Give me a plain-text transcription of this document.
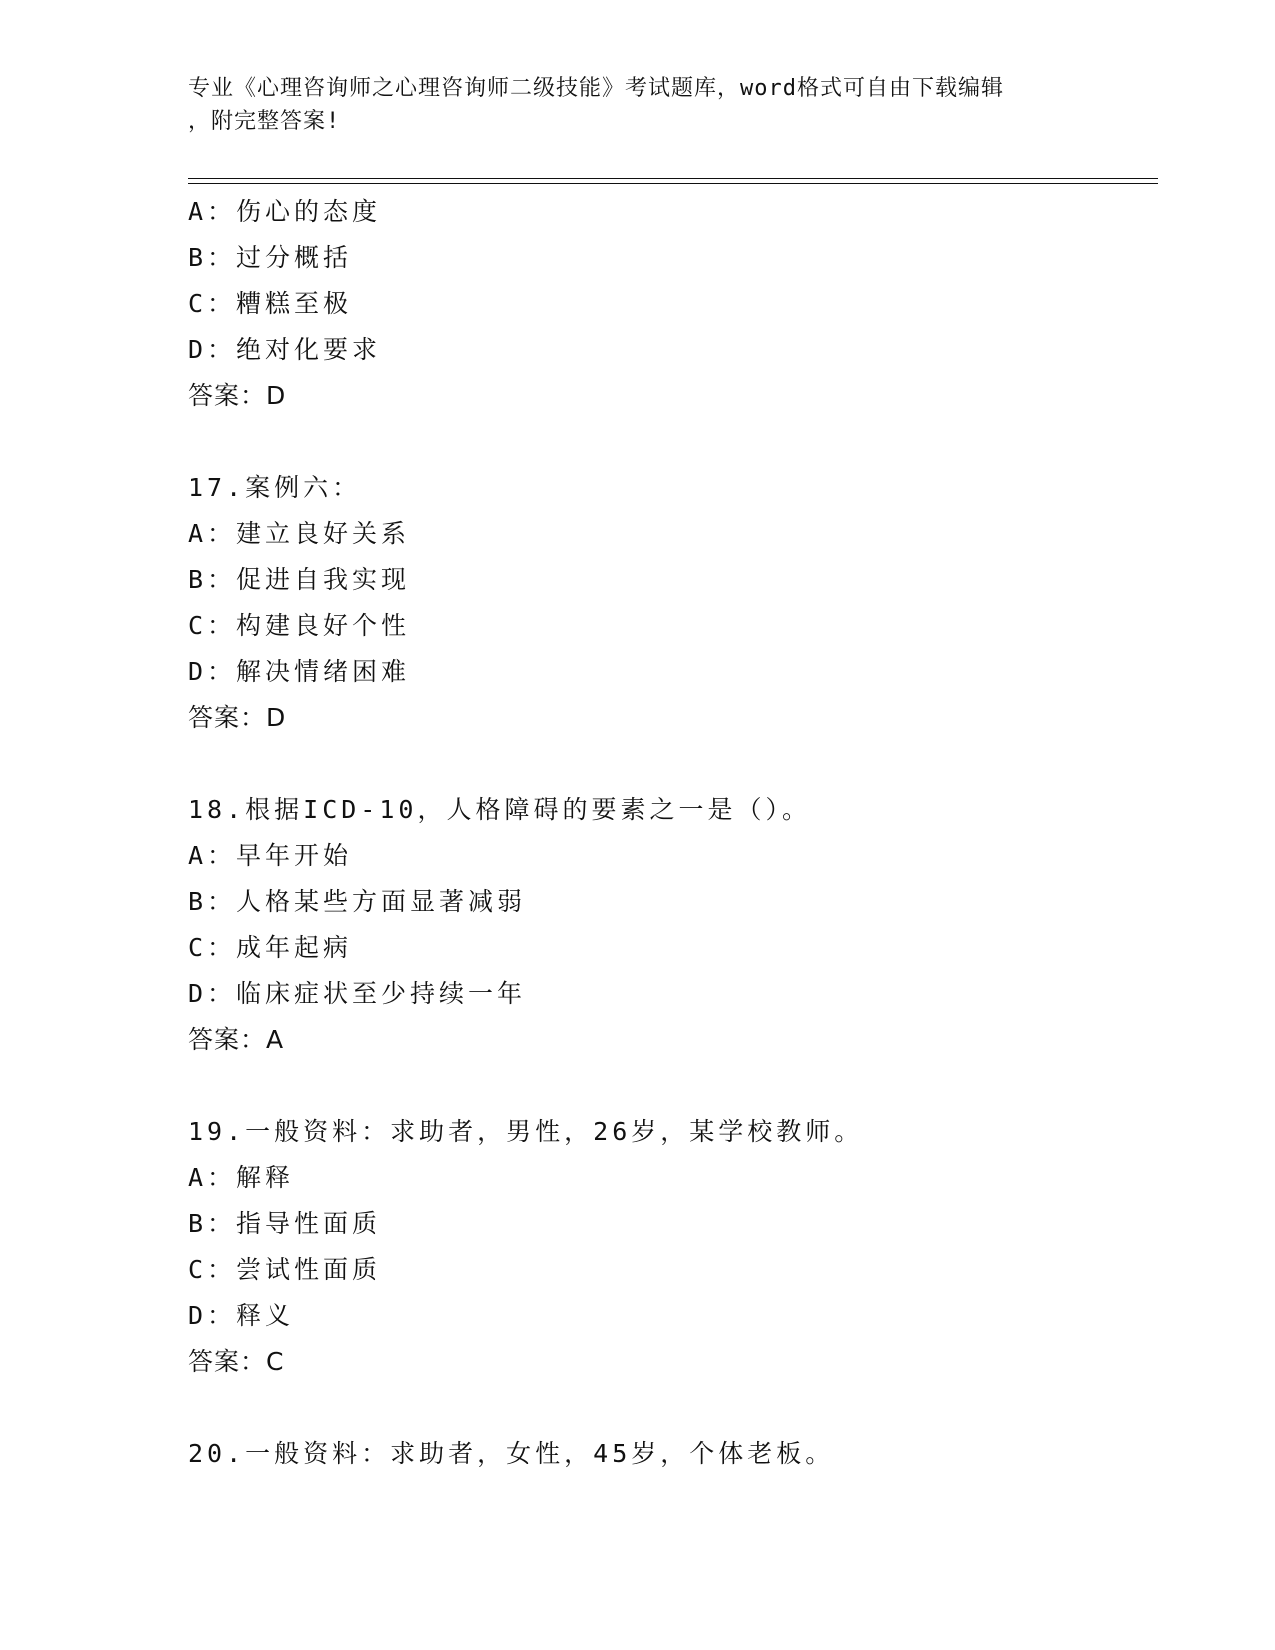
专业《心理咨询师之心理咨询师二级技能》考试题库，word格式可自由下载编辑
，附完整答案!
A：伤心的态度
B：过分概括
C：糟糕至极
D：绝对化要求
答案：D
17.案例六：
A：建立良好关系
B：促进自我实现
C：构建良好个性
D：解决情绪困难
答案：D
18.根据ICD-10，人格障碍的要素之一是（）。
A：早年开始
B：人格某些方面显著减弱
C：成年起病
D：临床症状至少持续一年
答案：A
19.一般资料：求助者，男性，26岁，某学校教师。
A：解释
B：指导性面质
C：尝试性面质
D：释义
答案：C
20.一般资料：求助者，女性，45岁，个体老板。
